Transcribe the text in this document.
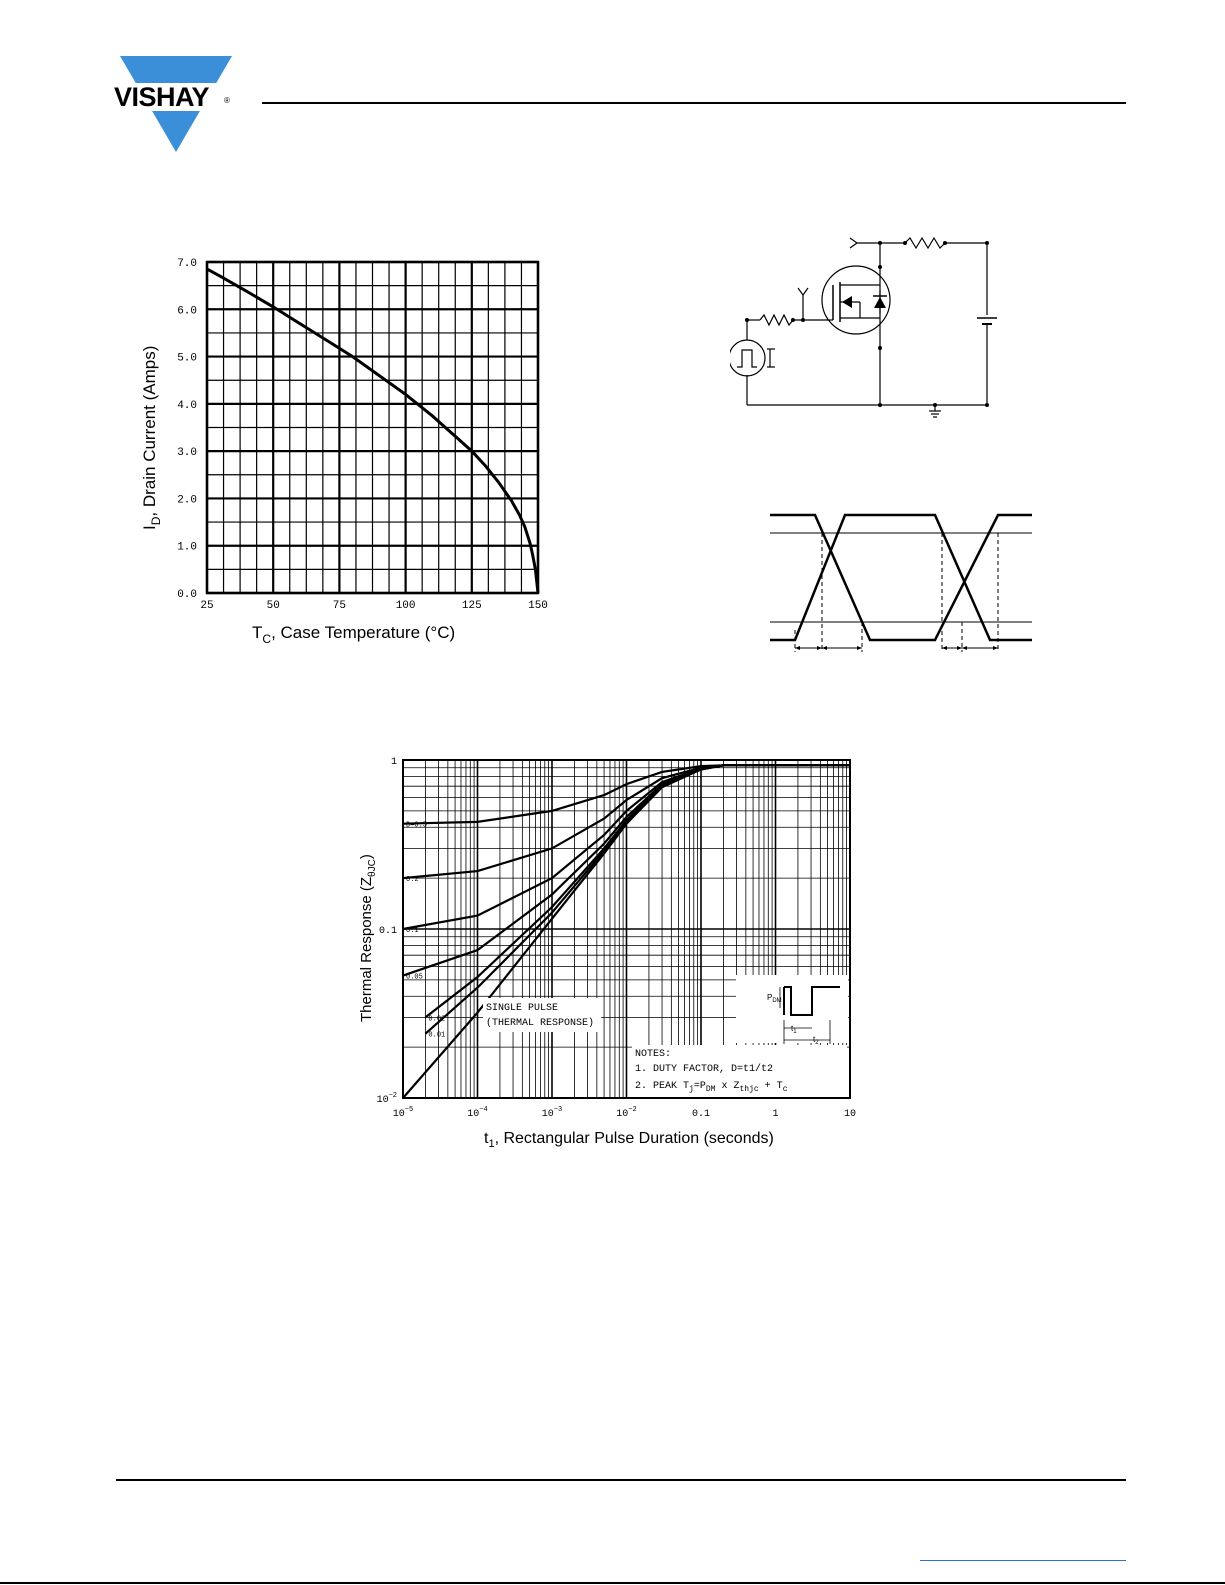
VISHAY ®
25	50	75	100	125	150
0.0
1.0
2.0
3.0
4.0
5.0
6.0
7.0
$T_C$, Case Temperature (°C)
$I_D$, Drain Current (Amps)
SINGLE PULSE
(THERMAL RESPONSE)
NOTES:
1. DUTY FACTOR, D=t1/t2
2. PEAK $T_j=P_{DM}$ x $Z_{thjc} + T_c$
$P_{DM}$
$t_1$
$t_2$
D=0.5
0.2
0.1
0.05
0.02
0.01
$10^{-5}$	$10^{-4}$	$10^{-3}$	$10^{-2}$	0.1	1	10
1
0.1
$10^{-2}$
$t_1$, Rectangular Pulse Duration (seconds)
Thermal Response $(Z_{\theta JC})$
